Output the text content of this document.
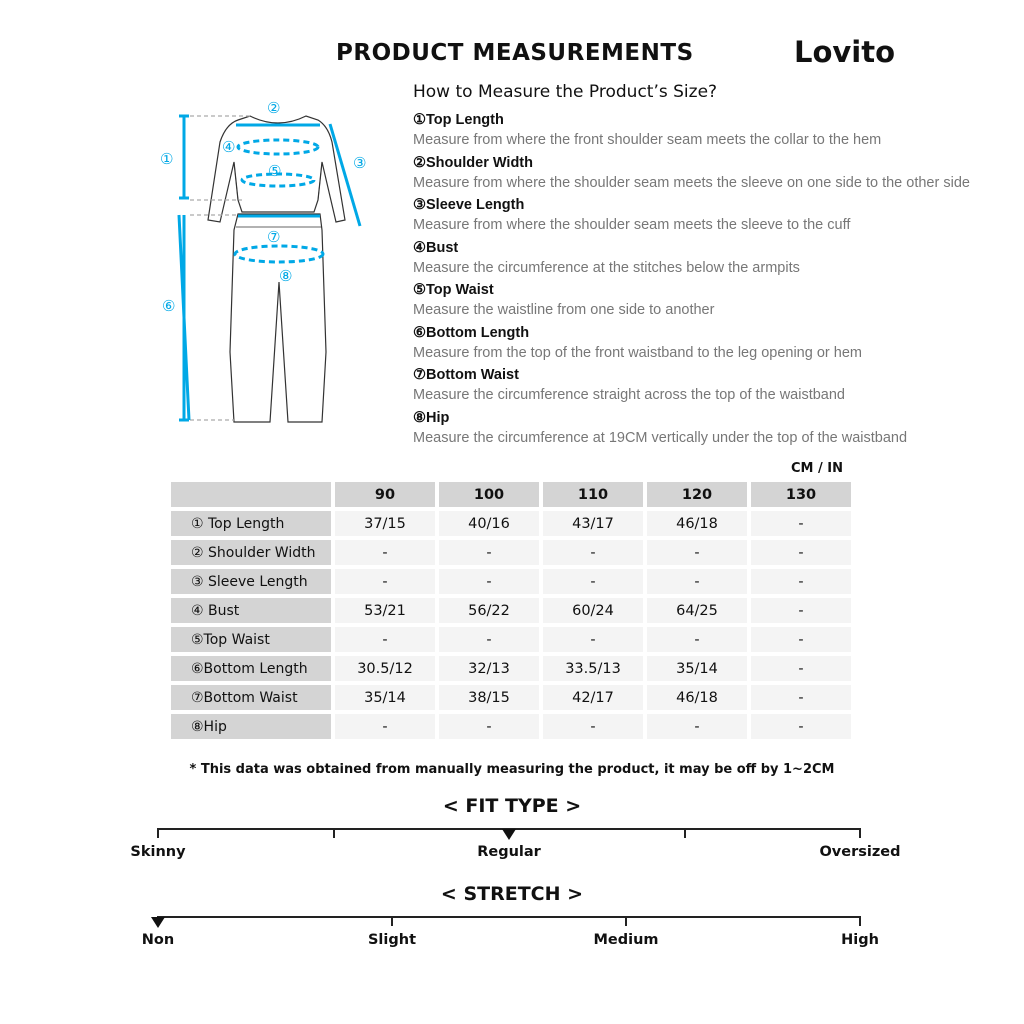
PRODUCT MEASUREMENTS	Lovito
①
②
③
④
⑤
⑥
⑦
⑧
How to Measure the Product’s Size?
①Top Length
Measure from where the front shoulder seam meets the collar to the hem
②Shoulder Width
Measure from where the shoulder seam meets the sleeve on one side to the other side
③Sleeve Length
Measure from where the shoulder seam meets the sleeve to the cuff
④Bust
Measure the circumference at the stitches below the armpits
⑤Top Waist
Measure the waistline from one side to another
⑥Bottom Length
Measure from the top of the front waistband to the leg opening or hem
⑦Bottom Waist
Measure the circumference straight across the top of the waistband
⑧Hip
Measure the circumference at 19CM vertically under the top of the waistband
CM / IN
	90	100	110	120	130
① Top Length	37/15	40/16	43/17	46/18	-
② Shoulder Width	-	-	-	-	-
③ Sleeve Length	-	-	-	-	-
④ Bust	53/21	56/22	60/24	64/25	-
⑤Top Waist	-	-	-	-	-
⑥Bottom Length	30.5/12	32/13	33.5/13	35/14	-
⑦Bottom Waist	35/14	38/15	42/17	46/18	-
⑧Hip	-	-	-	-	-
* This data was obtained from manually measuring the product, it may be off by 1~2CM
< FIT TYPE >
Skinny	Regular	Oversized
< STRETCH >
Non	Slight	Medium	High
